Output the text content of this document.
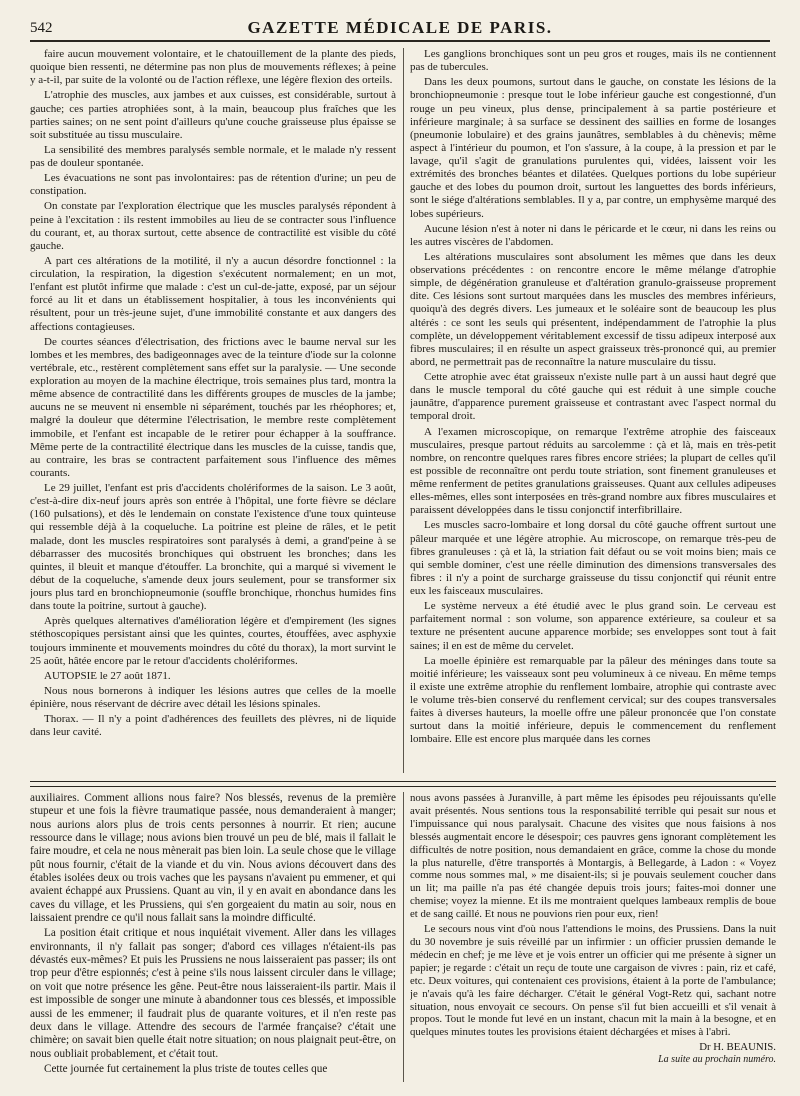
542	GAZETTE MÉDICALE DE PARIS.

faire aucun mouvement volontaire, et le chatouillement de la plante des pieds, quoique bien ressenti, ne détermine pas non plus de mouvements réflexes; à peine y a-t-il, par suite de la volonté ou de l'action réflexe, une légère flexion des orteils.

L'atrophie des muscles, aux jambes et aux cuisses, est considérable, surtout à gauche; ces parties atrophiées sont, à la main, beaucoup plus fraîches que les parties saines; on ne sent point d'ailleurs qu'une couche graisseuse plus épaisse se soit substituée au tissu musculaire.

La sensibilité des membres paralysés semble normale, et le malade n'y ressent pas de douleur spontanée.

Les évacuations ne sont pas involontaires: pas de rétention d'urine; un peu de constipation.

On constate par l'exploration électrique que les muscles paralysés répondent à peine à l'excitation : ils restent immobiles au lieu de se contracter sous l'influence du courant, et, au thorax surtout, cette absence de contractilité est visible du côté gauche.

A part ces altérations de la motilité, il n'y a aucun désordre fonctionnel : la circulation, la respiration, la digestion s'exécutent normalement; en un mot, l'enfant est plutôt infirme que malade : c'est un cul-de-jatte, exposé, par un séjour forcé au lit et dans un établissement hospitalier, à tous les inconvénients qui résultent, pour un très-jeune sujet, d'une immobilité constante et aux dangers des affections contagieuses.

De courtes séances d'électrisation, des frictions avec le baume nerval sur les lombes et les membres, des badigeonnages avec de la teinture d'iode sur la colonne vertébrale, etc., restèrent complètement sans effet sur la paralysie. — Une seconde exploration au moyen de la machine électrique, trois semaines plus tard, montra la même absence de contractilité dans les différents groupes de muscles de la jambe; aucuns ne se meuvent ni ensemble ni séparément, touchés par les rhéophores; et, malgré la douleur que détermine l'électrisation, le membre reste complètement immobile, et l'enfant est incapable de le retirer pour échapper à la souffrance. Même perte de la contractilité électrique dans les muscles de la cuisse, tandis que, au contraire, les bras se contractent parfaitement sous l'influence des mêmes courants.

Le 29 juillet, l'enfant est pris d'accidents cholériformes de la saison. Le 3 août, c'est-à-dire dix-neuf jours après son entrée à l'hôpital, une forte fièvre se déclare (160 pulsations), et dès le lendemain on constate l'existence d'une toux quinteuse qui ressemble déjà à la coqueluche. La poitrine est pleine de râles, et le petit malade, dont les muscles respiratoires sont paralysés à demi, a grand'peine à se débarrasser des mucosités bronchiques qui obstruent les bronches; dans les quintes, il bleuit et manque d'étouffer. La bronchite, qui a marqué si vivement le début de la coqueluche, s'amende deux jours seulement, pour se transformer six jours plus tard en bronchiopneumonie (souffle bronchique, rhonchus humides fins dans toute la poitrine, surtout à gauche).

Après quelques alternatives d'amélioration légère et d'empirement (les signes stéthoscopiques persistant ainsi que les quintes, courtes, étouffées, avec asphyxie toujours imminente et mouvements moindres du côté du thorax), la mort survint le 25 août, hâtée encore par le retour d'accidents cholériformes.

AUTOPSIE le 27 août 1871.

Nous nous bornerons à indiquer les lésions autres que celles de la moelle épinière, nous réservant de décrire avec détail les lésions spinales.

Thorax. — Il n'y a point d'adhérences des feuillets des plèvres, ni de liquide dans leur cavité.

Les ganglions bronchiques sont un peu gros et rouges, mais ils ne contiennent pas de tubercules.

Dans les deux poumons, surtout dans le gauche, on constate les lésions de la bronchiopneumonie : presque tout le lobe inférieur gauche est congestionné, d'un rouge un peu vineux, plus dense, principalement à sa partie postérieure et inférieure marginale; à sa surface se dessinent des saillies en forme de losanges (pneumonie lobulaire) et des grains jaunâtres, semblables à du chènevis; même aspect à l'intérieur du poumon, et l'on s'assure, à la coupe, à la pression et par le lavage, qu'il s'agit de granulations purulentes qui, vidées, laissent voir les extrémités des bronches béantes et dilatées. Quelques portions du lobe supérieur gauche et des lobes du poumon droit, surtout les languettes des bords inférieurs, sont le siége d'altérations semblables. Il y a, par contre, un emphysème marqué des lobes supérieurs.

Aucune lésion n'est à noter ni dans le péricarde et le cœur, ni dans les reins ou les autres viscères de l'abdomen.

Les altérations musculaires sont absolument les mêmes que dans les deux observations précédentes : on rencontre encore le même mélange d'atrophie simple, de dégénération granuleuse et d'altération granulo-graisseuse proprement dite. Ces lésions sont surtout marquées dans les muscles des membres inférieurs, quoiqu'à des degrés divers. Les jumeaux et le soléaire sont de beaucoup les plus altérés : ce sont les seuls qui présentent, indépendamment de l'atrophie la plus complète, un développement véritablement excessif de tissu adipeux interposé aux fibres musculaires; il en résulte un aspect graisseux très-prononcé qui, au premier abord, ne permettrait pas de reconnaître la nature musculaire du tissu.

Cette atrophie avec état graisseux n'existe nulle part à un aussi haut degré que dans le muscle temporal du côté gauche qui est réduit à une simple couche jaunâtre, d'apparence purement graisseuse et contrastant avec l'aspect normal du temporal droit.

A l'examen microscopique, on remarque l'extrême atrophie des faisceaux musculaires, presque partout réduits au sarcolemme : çà et là, mais en très-petit nombre, on rencontre quelques rares fibres encore striées; la plupart de celles qu'il est possible de reconnaître ont perdu toute striation, sont finement granuleuses et même renferment de petites granulations graisseuses. Quant aux cellules adipeuses elles-mêmes, elles sont interposées en très-grand nombre aux fibres musculaires et paraissent développées dans le tissu conjonctif interfibrillaire.

Les muscles sacro-lombaire et long dorsal du côté gauche offrent surtout une pâleur marquée et une légère atrophie. Au microscope, on remarque très-peu de fibres granuleuses : çà et là, la striation fait défaut ou se voit moins bien; mais ce qui semble dominer, c'est une réelle diminution des dimensions transversales des fibres : il n'y a point de surcharge graisseuse du tissu conjonctif qui réunit entre eux les faisceaux musculaires.

Le système nerveux a été étudié avec le plus grand soin. Le cerveau est parfaitement normal : son volume, son apparence extérieure, sa couleur et sa texture ne présentent aucune apparence morbide; ses enveloppes sont tout à fait saines; il en est de même du cervelet.

La moelle épinière est remarquable par la pâleur des méninges dans toute sa moitié inférieure; les vaisseaux sont peu volumineux à ce niveau. En même temps il existe une extrême atrophie du renflement lombaire, atrophie qui contraste avec le volume très-bien conservé du renflement cervical; sur des coupes transversales faites à diverses hauteurs, la moelle offre une pâleur prononcée que l'on constate surtout dans la moitié inférieure, depuis le commencement du renflement lombaire. Elle est encore plus marquée dans les cornes

auxiliaires. Comment allions nous faire? Nos blessés, revenus de la première stupeur et une fois la fièvre traumatique passée, nous demanderaient à manger; nous aurions alors plus de trois cents personnes à nourrir. Et rien; aucune ressource dans le village; nous avions bien trouvé un peu de blé, mais il fallait le faire moudre, et cela ne nous mènerait pas bien loin. La seule chose que le village pût nous fournir, c'était de la viande et du vin. Nous avions découvert dans des étables isolées deux ou trois vaches que les paysans n'avaient pu emmener, et qui avaient échappé aux Prussiens. Quant au vin, il y en avait en abondance dans les caves du village, et les Prussiens, qui s'en gorgeaient du matin au soir, nous en laissaient prendre ce qu'il nous fallait sans la moindre difficulté.

La position était critique et nous inquiétait vivement. Aller dans les villages environnants, il n'y fallait pas songer; d'abord ces villages n'étaient-ils pas dévastés eux-mêmes? Et puis les Prussiens ne nous laisseraient pas passer; ils ont trop peur d'être espionnés; c'est à peine s'ils nous laissent circuler dans le village; on voit que notre présence les gêne. Peut-être nous laisseraient-ils partir. Mais il est impossible de songer une minute à abandonner tous ces blessés, et impossible aussi de les emmener; il faudrait plus de quarante voitures, et il n'en reste pas deux dans le village. Attendre des secours de l'armée française? c'était une chimère; on savait bien quelle était notre situation; on nous plaignait peut-être, on nous oubliait probablement, et c'était tout.

Cette journée fut certainement la plus triste de toutes celles que

nous avons passées à Juranville, à part même les épisodes peu réjouissants qu'elle avait présentés. Nous sentions tous la responsabilité terrible qui pesait sur nous et l'impuissance qui nous paralysait. Chacune des visites que nous faisions à nos blessés augmentait encore le désespoir; ces pauvres gens ignorant complètement les difficultés de notre position, nous demandaient en grâce, comme la chose du monde la plus naturelle, d'être transportés à Montargis, à Bellegarde, à Ladon : « Voyez comme nous sommes mal, » me disaient-ils; si je pouvais seulement coucher dans un lit; ma paille n'a pas été changée depuis trois jours; faites-moi donner une chemise; voyez la mienne. Et ils me montraient quelques lambeaux remplis de boue et de sang caillé. Et nous ne pouvions rien pour eux, rien!

Le secours nous vint d'où nous l'attendions le moins, des Prussiens. Dans la nuit du 30 novembre je suis réveillé par un infirmier : un officier prussien demande le médecin en chef; je me lève et je vois entrer un officier qui me présente à signer un papier; je regarde : c'était un reçu de toute une cargaison de vivres : pain, riz et café, etc. Deux voitures, qui contenaient ces provisions, étaient à la porte de l'ambulance; je n'avais qu'à les faire décharger. C'était le général Vogt-Retz qui, sachant notre situation, nous envoyait ce secours. On pense s'il fut bien accueilli et s'il venait à propos. Tout le monde fut levé en un instant, chacun mit la main à la besogne, et en quelques minutes toutes les provisions étaient déchargées et mises à l'abri.

Dr H. BEAUNIS.
La suite au prochain numéro.
